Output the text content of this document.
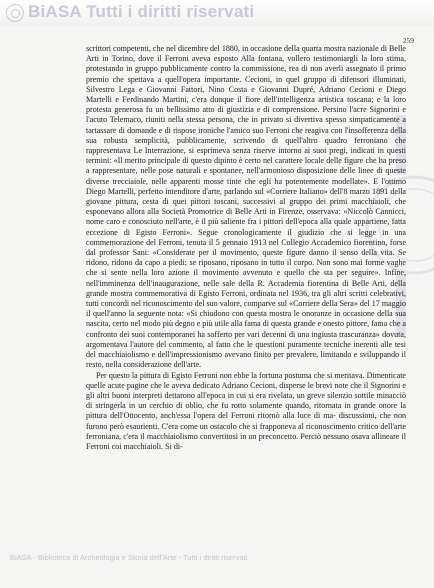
BiASA Tutti i diritti riservati
259

scrittori competenti, che nel dicembre del 1880, in occasione della quarta mostra nazionale di Belle Arti in Torino, dove il Ferroni aveva esposto Alla fontana, vollero testimoniargli la loro stima, protestando in gruppo pubblicamente contro la commissione, rea di non averli assegnato il primo premio che spettava a quell'opera importante. Cecioni, in quel gruppo di difensori illuminati, Silvestro Lega e Giovanni Fattori, Nino Costa e Giovanni Dupré, Adriano Cecioni e Diego Martelli e Ferdinando Martini, c'era dunque il fiore dell'intelligenza artistica toscana; e la loro protesta generosa fu un bellissimo atto di giustizia e di comprensione. Persino l'acre Signorini e l'acuto Telemaco, riuniti nella stessa persona, che in privato si divertiva spesso simpaticamente a tartassare di domande e di rispose ironiche l'amico suo Ferroni che reagiva con l'insofferenza della sua robusta semplicità, pubblicamente, scrivendo di quell'altro quadro ferroniano che rappresentava Le Interrazione, si esprimeva senza riserve intorno ai suoi pregi, indicati in questi termini: «Il merito principale di questo dipinto è certo nel carattere locale delle figure che ha preso a rappresentare, nelle pose naturali e spontanee, nell'armonioso disposizione delle linee di queste diverse trecciaiole, nelle apparenti mosse tinte che egli ha potentemente modellate». E l'ottimo Diego Martelli, perfetto intenditore d'arte, parlando sul «Corriere Italiano» dell'8 marzo 1891 della giovane pittura, cesta di quei pittori toscani, successivi al gruppo dei primi macchiaioli, che esponevano allora alla Società Promotrice di Belle Arti in Firenze, osservava: «Niccolò Cannicci, nome caro e conosciuto nell'arte, è il più saliente fra i pittori dell'epoca alla quale appartiene, fatta eccezione di Egisto Ferroni». Segue cronologicamente il giudizio che si legge in una commemorazione del Ferroni, tenuta il 5 gennaio 1913 nel Collegio Accademico fiorentino, forse dal professor Sani: «Considerate per il movimento, queste figure danno il senso della vita. Se ridono, ridono da capo a piedi; se riposano, riposano in tutto il corpo. Non sono mai forme vaghe che si sente nella loro azione il movimento avvenuto e quello che sta per seguire». Infine, nell'imminenza dell'inaugurazione, nelle sale della R. Accademia fiorentina di Belle Arti, della grande mostra commemorativa di Egisto Ferroni, ordinata nel 1936, tra gli altri scritti celebrativi, tutti concordi nel riconoscimento del suo valore, comparve sul «Corriere della Sera» del 17 maggio il quell'anno la seguente nota: «Si chiudono con questa mostra le onoranze in occasione della sua nascita, certo nel modo più degno e più utile alla fama di questa grande e onesto pittore, fama che a confronto dei suoi contemporanei ha sofferto per vari decenni di una ingiusta trascuranza» dovuta, argomentava l'autore del commento, al fatto che le questioni puramente tecniche inerenti alle tesi del macchiaiolismo e dell'impressionismo avevano finito per prevalere, limitando e sviluppando il resto, nella considerazione dell'arte.

Per questo la pittura di Egisto Ferroni non ebbe la fortuna postuma che si meritava. Dimenticate quelle acute pagine che le aveva dedicato Adriano Cecioni, disperse le brevi note che il Signorini e gli altri buoni interpreti dettarono all'epoca in cui si era rivelata, un greve silenzio sottile minacciò di stringerla in un cerchio di oblio, che fu rotto solamente quando, ritornata in grande onore la pittura dell'Ottocento, anch'essa l'opera del Ferroni ritornò alla luce di ma- discussioni, che non furono però esaurienti. C'era come un ostacolo che si frapponeva al riconoscimento critico dell'arte ferroniana, c'era il macchiaiolismo convertitosi in un preconcetto. Perciò nessuno osava allineare il Ferroni coi macchiaioli. Si di-

BiASA - Biblioteca di Archeologia e Storia dell'Arte - Tutti i diritti riservati
